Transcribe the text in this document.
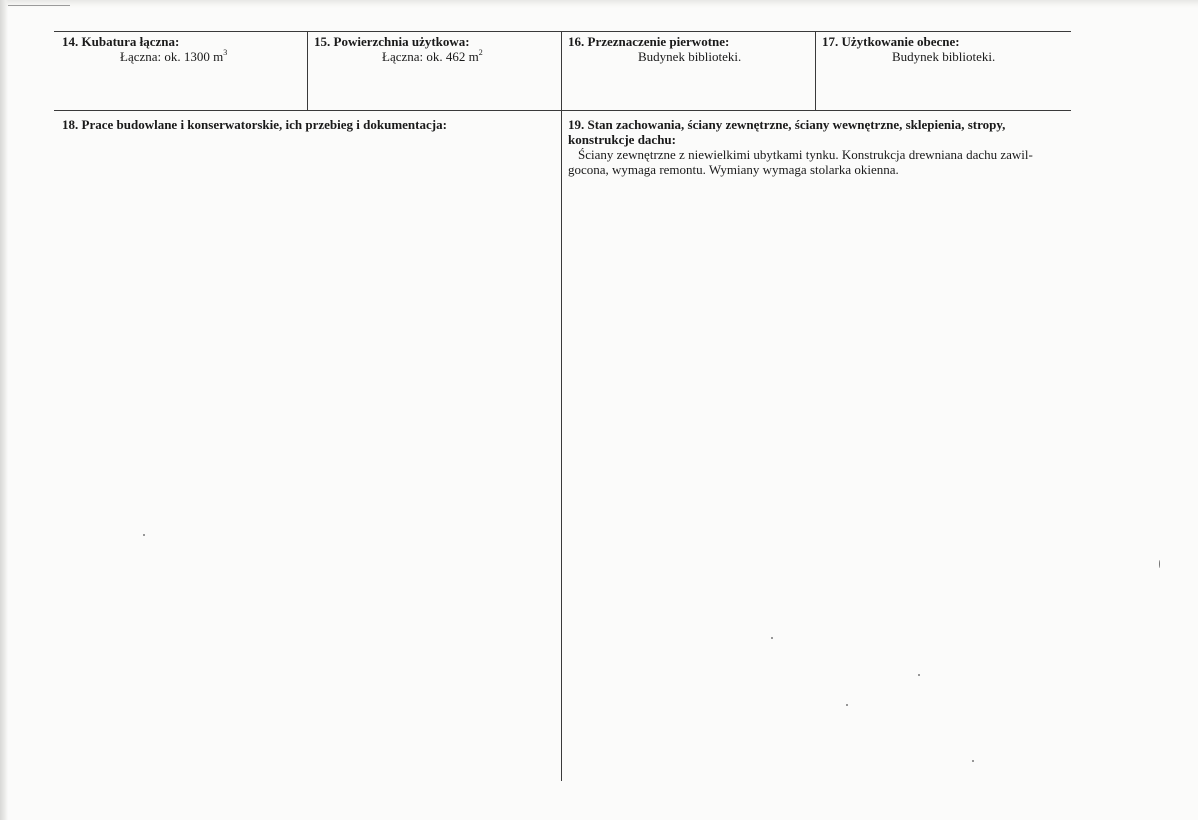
14. Kubatura łączna:
Łączna: ok. 1300 $m^3$
15. Powierzchnia użytkowa:
Łączna: ok. 462 $m^2$
16. Przeznaczenie pierwotne:
Budynek biblioteki.
17. Użytkowanie obecne:
Budynek biblioteki.
18. Prace budowlane i konserwatorskie, ich przebieg i dokumentacja:	19. Stan zachowania, ściany zewnętrzne, ściany wewnętrzne, sklepienia, stropy, konstrukcje dachu:
Ściany zewnętrzne z niewielkimi ubytkami tynku. Konstrukcja drewniana dachu zawil-
gocona, wymaga remontu. Wymiany wymaga stolarka okienna.
